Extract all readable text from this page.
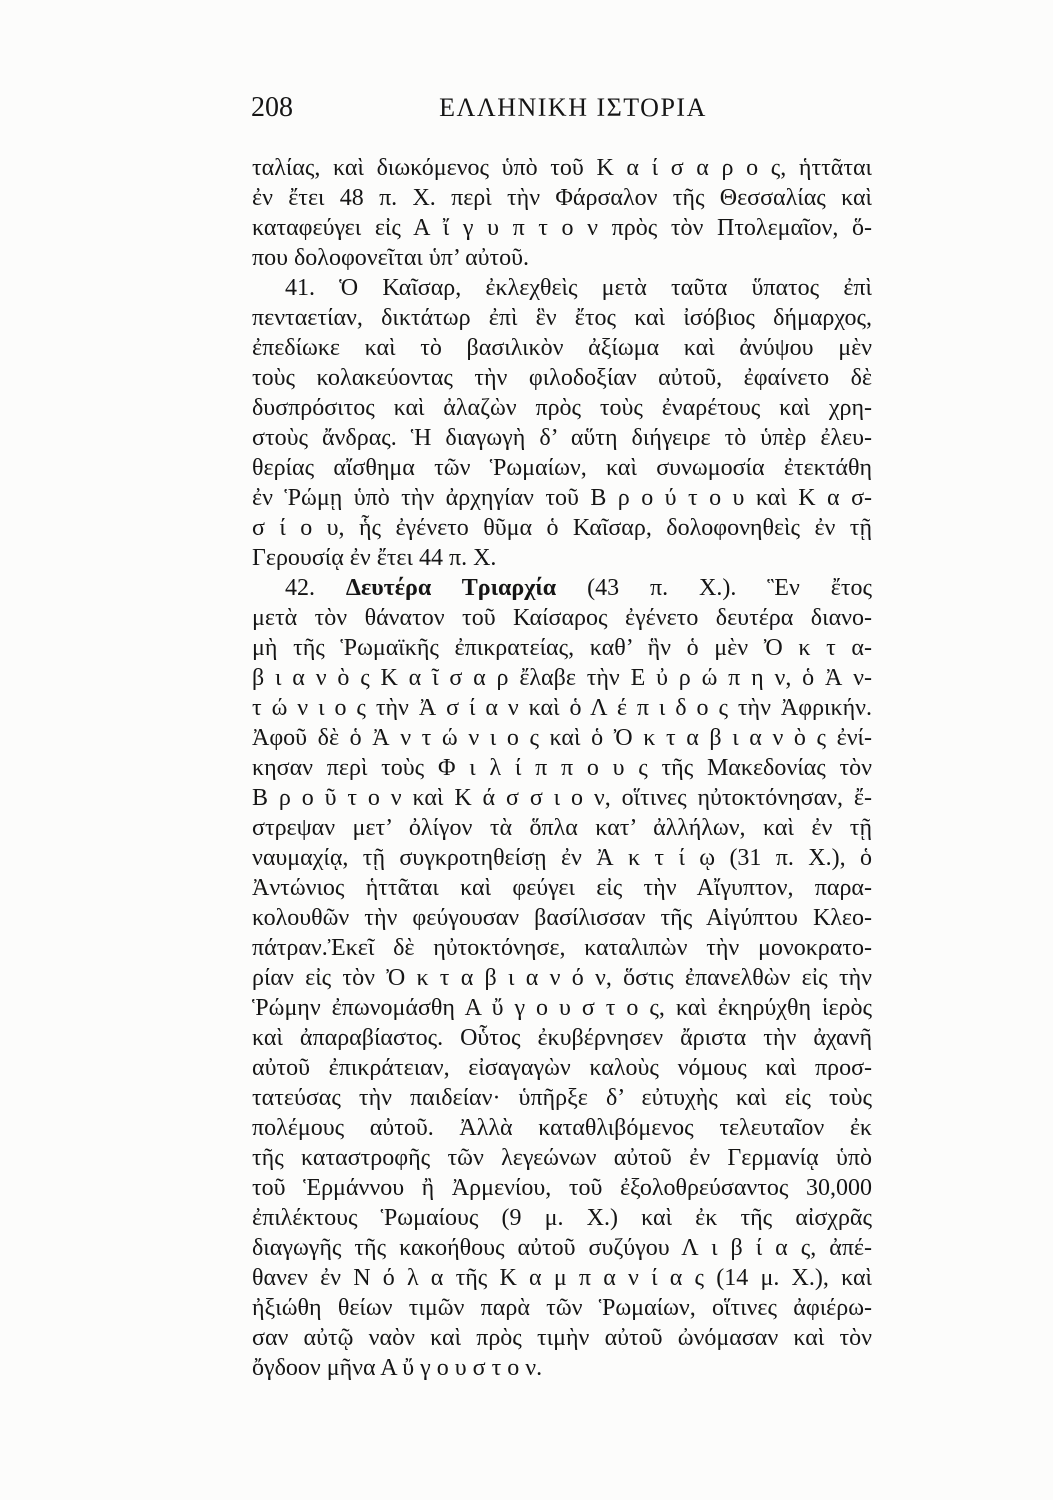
208	ΕΛΛΗΝΙΚΗ ΙΣΤΟΡΙΑ
ταλίας, καὶ διωκόμενος ὑπὸ τοῦ Κ α ί σ α ρ ο ς, ἡττᾶται
ἐν ἔτει 48 π. Χ. περὶ τὴν Φάρσαλον τῆς Θεσσαλίας καὶ
καταφεύγει εἰς Α ἴ γ υ π τ ο ν πρὸς τὸν Πτολεμαῖον, ὅ-
που δολοφονεῖται ὑπ’ αὐτοῦ.
41. Ὁ Καῖσαρ, ἐκλεχθεὶς μετὰ ταῦτα ὕπατος ἐπὶ
πενταετίαν, δικτάτωρ ἐπὶ ἓν ἔτος καὶ ἰσόβιος δήμαρχος,
ἐπεδίωκε καὶ τὸ βασιλικὸν ἀξίωμα καὶ ἀνύψου μὲν
τοὺς κολακεύοντας τὴν φιλοδοξίαν αὐτοῦ, ἐφαίνετο δὲ
δυσπρόσιτος καὶ ἀλαζὼν πρὸς τοὺς ἐναρέτους καὶ χρη-
στοὺς ἄνδρας. Ἡ διαγωγὴ δ’ αὕτη διήγειρε τὸ ὑπὲρ ἐλευ-
θερίας αἴσθημα τῶν Ῥωμαίων, καὶ συνωμοσία ἐτεκτάθη
ἐν Ῥώμῃ ὑπὸ τὴν ἀρχηγίαν τοῦ Β ρ ο ύ τ ο υ καὶ Κ α σ-
σ ί ο υ, ἧς ἐγένετο θῦμα ὁ Καῖσαρ, δολοφονηθεὶς ἐν τῇ
Γερουσίᾳ ἐν ἔτει 44 π. Χ.
42. Δευτέρα Τριαρχία (43 π. Χ.). Ἓν ἔτος
μετὰ τὸν θάνατον τοῦ Καίσαρος ἐγένετο δευτέρα διανο-
μὴ τῆς Ῥωμαϊκῆς ἐπικρατείας, καθ’ ἣν ὁ μὲν Ὀ κ τ α-
β ι α ν ὸ ς Κ α ῖ σ α ρ ἔλαβε τὴν Ε ὐ ρ ώ π η ν, ὁ Ἀ ν-
τ ώ ν ι ο ς τὴν Ἀ σ ί α ν καὶ ὁ Λ έ π ι δ ο ς τὴν Ἀφρικήν.
Ἀφοῦ δὲ ὁ Ἀ ν τ ώ ν ι ο ς καὶ ὁ Ὀ κ τ α β ι α ν ὸ ς ἐνί-
κησαν περὶ τοὺς Φ ι λ ί π π ο υ ς τῆς Μακεδονίας τὸν
Β ρ ο ῦ τ ο ν καὶ Κ ά σ σ ι ο ν, οἵτινες ηὐτοκτόνησαν, ἔ-
στρεψαν μετ’ ὀλίγον τὰ ὅπλα κατ’ ἀλλήλων, καὶ ἐν τῇ
ναυμαχίᾳ, τῇ συγκροτηθείσῃ ἐν Ἀ κ τ ί ῳ (31 π. Χ.), ὁ
Ἀντώνιος ἡττᾶται καὶ φεύγει εἰς τὴν Αἴγυπτον, παρα-
κολουθῶν τὴν φεύγουσαν βασίλισσαν τῆς Αἰγύπτου Κλεο-
πάτραν.Ἐκεῖ δὲ ηὐτοκτόνησε, καταλιπὼν τὴν μονοκρατο-
ρίαν εἰς τὸν Ὀ κ τ α β ι α ν ό ν, ὅστις ἐπανελθὼν εἰς τὴν
Ῥώμην ἐπωνομάσθη Α ὔ γ ο υ σ τ ο ς, καὶ ἐκηρύχθη ἱερὸς
καὶ ἀπαραβίαστος. Οὗτος ἐκυβέρνησεν ἄριστα τὴν ἀχανῆ
αὐτοῦ ἐπικράτειαν, εἰσαγαγὼν καλοὺς νόμους καὶ προσ-
τατεύσας τὴν παιδείαν· ὑπῆρξε δ’ εὐτυχὴς καὶ εἰς τοὺς
πολέμους αὐτοῦ. Ἀλλὰ καταθλιβόμενος τελευταῖον ἐκ
τῆς καταστροφῆς τῶν λεγεώνων αὐτοῦ ἐν Γερμανίᾳ ὑπὸ
τοῦ Ἑρμάννου ἢ Ἀρμενίου, τοῦ ἐξολοθρεύσαντος 30,000
ἐπιλέκτους Ῥωμαίους (9 μ. Χ.) καὶ ἐκ τῆς αἰσχρᾶς
διαγωγῆς τῆς κακοήθους αὐτοῦ συζύγου Λ ι β ί α ς, ἀπέ-
θανεν ἐν Ν ό λ α τῆς Κ α μ π α ν ί α ς (14 μ. Χ.), καὶ
ἠξιώθη θείων τιμῶν παρὰ τῶν Ῥωμαίων, οἵτινες ἀφιέρω-
σαν αὐτῷ ναὸν καὶ πρὸς τιμὴν αὐτοῦ ὠνόμασαν καὶ τὸν
ὄγδοον μῆνα Α ὔ γ ο υ σ τ ο ν.
